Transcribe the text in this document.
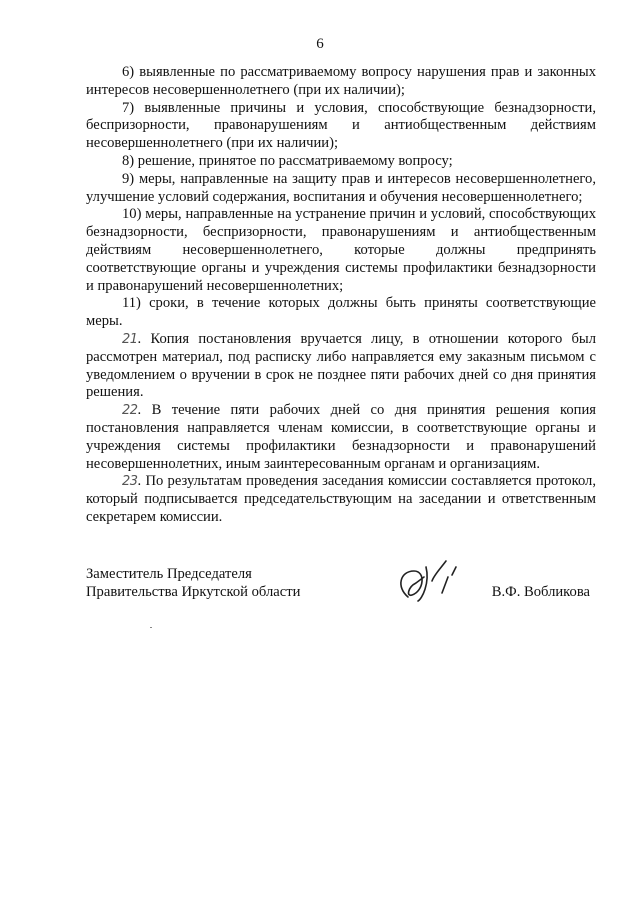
6

6) выявленные по рассматриваемому вопросу нарушения прав и законных интересов несовершеннолетнего (при их наличии);

7) выявленные причины и условия, способствующие безнадзорности, беспризорности, правонарушениям и антиобщественным действиям несовершеннолетнего (при их наличии);

8) решение, принятое по рассматриваемому вопросу;

9) меры, направленные на защиту прав и интересов несовершеннолетнего, улучшение условий содержания, воспитания и обучения несовершеннолетнего;

10) меры, направленные на устранение причин и условий, способствующих безнадзорности, беспризорности, правонарушениям и антиобщественным действиям несовершеннолетнего, которые должны предпринять соответствующие органы и учреждения системы профилактики безнадзорности и правонарушений несовершеннолетних;

11) сроки, в течение которых должны быть приняты соответствующие меры.

21. Копия постановления вручается лицу, в отношении которого был рассмотрен материал, под расписку либо направляется ему заказным письмом с уведомлением о вручении в срок не позднее пяти рабочих дней со дня принятия решения.

22. В течение пяти рабочих дней со дня принятия решения копия постановления направляется членам комиссии, в соответствующие органы и учреждения системы профилактики безнадзорности и правонарушений несовершеннолетних, иным заинтересованным органам и организациям.

23. По результатам проведения заседания комиссии составляется протокол, который подписывается председательствующим на заседании и ответственным секретарем комиссии.

Заместитель Председателя
Правительства Иркутской области	В.Ф. Вобликова
